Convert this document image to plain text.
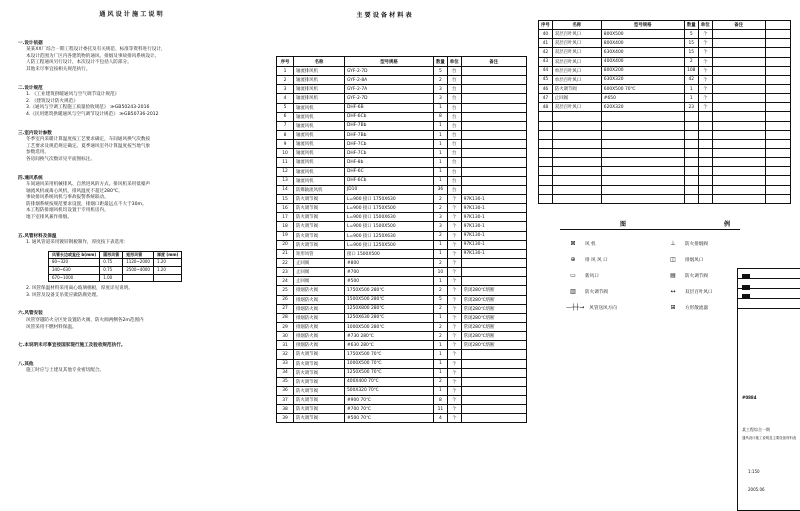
通风设计施工说明
一.设计依据
某某XX厂综合一期工程设计委托及有关规范、标准等资料进行设计，
本设计范围为厂区内各建筑物的通风、排烟及事故排风系统设计。
人防工程通风另行设计，本次设计不包括人防部分。
其他未尽事宜按相关规范执行。
二.设计规范
1. 《工业建筑供暖通风与空气调节设计规范》
2. 《建筑设计防火规范》
3.《通风与空调工程施工质量验收规范》 ≫GB50243-2016
4.《民用建筑供暖通风与空气调节设计规范》 ≫GB50736-2012
三.室内设计参数
冬季室内采暖计算温度按工艺要求确定，车间通风换气次数按
工艺要求及规范规定确定。夏季通风室外计算温度按当地气象
参数选用。
各房间换气次数详见平面图标注。
四.通风系统
车间通风采用机械排风、自然进风的方式。排风机采用低噪声
轴流风机或离心风机，排风温度不超过280℃。
事故排风系统风机与事故报警系统联动。
防排烟系统按规范要求设置，排烟口距最远点不大于30m。
本工程防排烟风机均设置于专用机房内。
地下室排风兼作排烟。
五.风管材料及保温
1. 通风管道采用镀锌钢板制作，厚度按下表选用：
风管长边或直径 b(mm)	圆形风管	矩形风管	厚度 (mm)
80~320	0.75	1120~2000	1.20
340~630	0.75	2500~4000	1.20
670~1000	1.00		
2. 风管保温材料采用离心玻璃棉板，厚度详见说明。
3. 风管及设备支吊架应做防腐处理。
六.风管安装
风管穿越防火分区处设置防火阀，防火阀两侧各2m范围内
风管采用不燃材料保温。
七.本说明未尽事宜按国家现行施工及验收规范执行。
八.其他
施工时应与土建及其他专业密切配合。
主要设备材料表
序号	名称	型号规格	数量	单位	备注
1	轴流排风机	GYF-2-7D	5	台	
2	轴流排风机	GYF-2-8A	2	台	
3	轴流排风机	GYF-2-7A	3	台	
4	轴流排风机	GYF-2-7D	3	台	
5	轴流风机	DHF-6B	1	台	
6	轴流风机	DHF-6Cb	8	台	
7	轴流风机	DHF-7Bb	1	台	
8	轴流风机	DHF-7Bb	1	台	
9	轴流风机	DHF-7Cb	1	台	
10	轴流风机	DHF-7Cb	1	台	
11	轴流风机	DHF-8b	1	台	
12	轴流风机	DHF-6C	1	台	
13	轴流风机	DHF-6Cb	1	台	
14	防爆轴流风机	JD10	36	台	
15	防火调节阀	L=900 接口 1750X630	2	个	97K130-1
16	防火调节阀	L=900 接口 1750X500	2	个	97K130-1
17	防火调节阀	L=900 接口 1500X630	3	个	97K130-1
18	防火调节阀	L=900 接口 1500X500	3	个	97K130-1
19	防火调节阀	L=900 接口 1250X630	2	个	97K130-1
20	防火调节阀	L=900 接口 1250X500	1	个	97K130-1
21	矩形风管	接口 1500X500	1	个	97K130-1
22	止回阀	#800	2	个	
23	止回阀	#700	10	个	
24	止回阀	#500	1	个	
25	排烟防火阀	1750X500 280℃	2	个	常闭280℃熔断
26	排烟防火阀	1500X500 280℃	5	个	常闭280℃熔断
27	排烟防火阀	1250X800 280℃	2	个	常闭280℃熔断
28	排烟防火阀	1250X630 280℃	1	个	常闭280℃熔断
29	排烟防火阀	1000X500 280℃	2	个	常闭280℃熔断
30	排烟防火阀	#730 280℃	2	个	常闭280℃熔断
31	排烟防火阀	#630 280℃	1	个	常闭280℃熔断
32	防火调节阀	1750X500 70℃	1	个	
33	防火调节阀	1000X500 70℃	1	个	
34	防火调节阀	1250X500 70℃	1	个	
35	防火调节阀	400X400 70℃	2	个	
36	防火调节阀	500X320 70℃	1	个	
37	防火调节阀	#900 70℃	8	个	
38	防火调节阀	#700 70℃	11	个	
39	防火调节阀	#500 70℃	4	个	
序号	名称	型号规格	数量	单位	备注	
40	双层百叶风口	800X500	5	个		
41	双层百叶风口	800X400	15	个		
42	双层百叶风口	630X400	15	个		
43	双层百叶风口	400X400	2	个		
44	单层百叶风口	800X200	108	个		
45	单层百叶风口	630X320	42	个		
46	防火调节阀	600X500 70℃	1	个		
47	止回阀	#650	1	个		
48	双层百叶风口	620X320	23	个		

图	例
⊠	风 机
⊕	排 风 风 口
▭	新风口
▥	防火调节阀
—┼┼→ 风管送风方向
⊥	防火排烟阀
◫	排烟风口
▤	防火调节阀
↔	双层百叶风口
⊞	方形散流器
#0884
某工程综合一期
通风设计施工说明及主要设备材料表
1:150
2005.06
